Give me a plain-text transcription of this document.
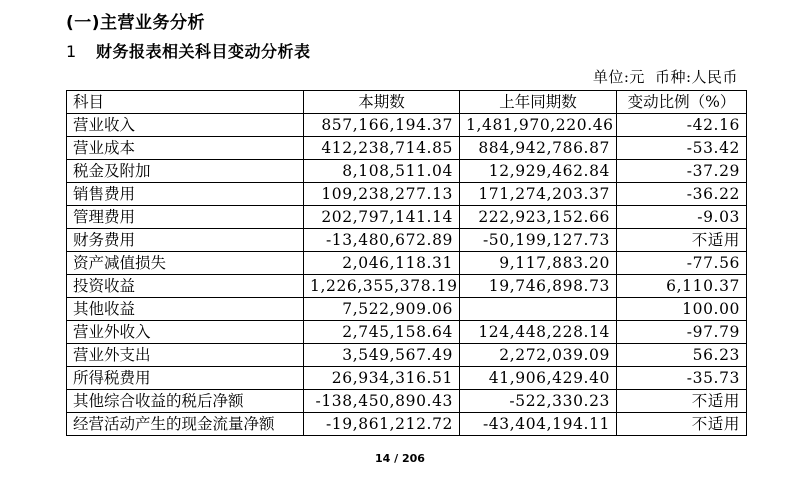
(一)主营业务分析
1 财务报表相关科目变动分析表
单位:元 币种:人民币
科目	本期数	上年同期数	变动比例（%）
营业收入	857,166,194.37	1,481,970,220.46	-42.16
营业成本	412,238,714.85	884,942,786.87	-53.42
税金及附加	8,108,511.04	12,929,462.84	-37.29
销售费用	109,238,277.13	171,274,203.37	-36.22
管理费用	202,797,141.14	222,923,152.66	-9.03
财务费用	-13,480,672.89	-50,199,127.73	不适用
资产减值损失	2,046,118.31	9,117,883.20	-77.56
投资收益	1,226,355,378.19	19,746,898.73	6,110.37
其他收益	7,522,909.06		100.00
营业外收入	2,745,158.64	124,448,228.14	-97.79
营业外支出	3,549,567.49	2,272,039.09	56.23
所得税费用	26,934,316.51	41,906,429.40	-35.73
其他综合收益的税后净额	-138,450,890.43	-522,330.23	不适用
经营活动产生的现金流量净额	-19,861,212.72	-43,404,194.11	不适用
14 / 206
